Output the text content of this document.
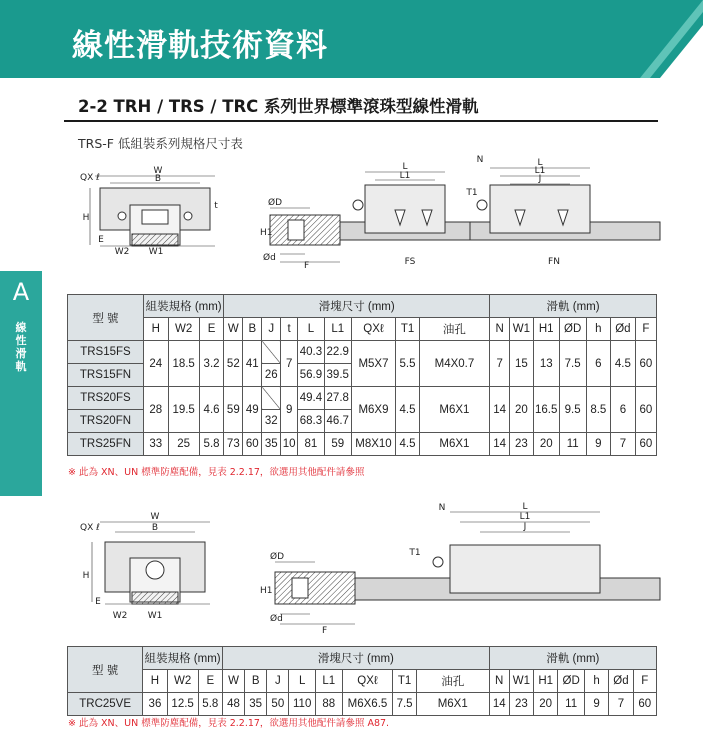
線性滑軌技術資料
2-2 TRH / TRS / TRC 系列世界標準滾珠型線性滑軌
TRS-F 低組裝系列規格尺寸表
A
線性滑軌
W
B
QX ℓ
H
E
W2 W1
t	ØD
H1
Ød
F
L
L1
N
FS
L
L1
J
T1
FN
型 號	組裝規格 (mm)			滑塊尺寸 (mm)									滑軌 (mm)						
	H	W2	E	W	B	J	t	L	L1	QXℓ	T1	油孔	N	W1	H1	ØD	h	Ød	F
TRS15FS	24	18.5	3.2	52	41		7	40.3	22.9	M5X7	5.5	M4X0.7	7	15	13	7.5	6	4.5	60
TRS15FN						26		56.9	39.5										
TRS20FS	28	19.5	4.6	59	49		9	49.4	27.8	M6X9	4.5	M6X1	14	20	16.5	9.5	8.5	6	60
TRS20FN						32		68.3	46.7										
TRS25FN	33	25	5.8	73	60	35	10	81	59	M8X10	4.5	M6X1	14	23	20	11	9	7	60
※ 此為 XN、UN 標準防塵配備，見表 2.2.17，欲選用其他配件請參照
W
B
QX ℓ
H
E
W2 W1
ØD
H1
Ød
F
N	L
L1
J
T1
型 號	組裝規格 (mm)			滑塊尺寸 (mm)								滑軌 (mm)						
	H	W2	E	W	B	J	L	L1	QXℓ	T1	油孔	N	W1	H1	ØD	h	Ød	F
TRC25VE	36	12.5	5.8	48	35	50	110	88	M6X6.5	7.5	M6X1	14	23	20	11	9	7	60
※ 此為 XN、UN 標準防塵配備，見表 2.2.17，欲選用其他配件請參照 A87.
